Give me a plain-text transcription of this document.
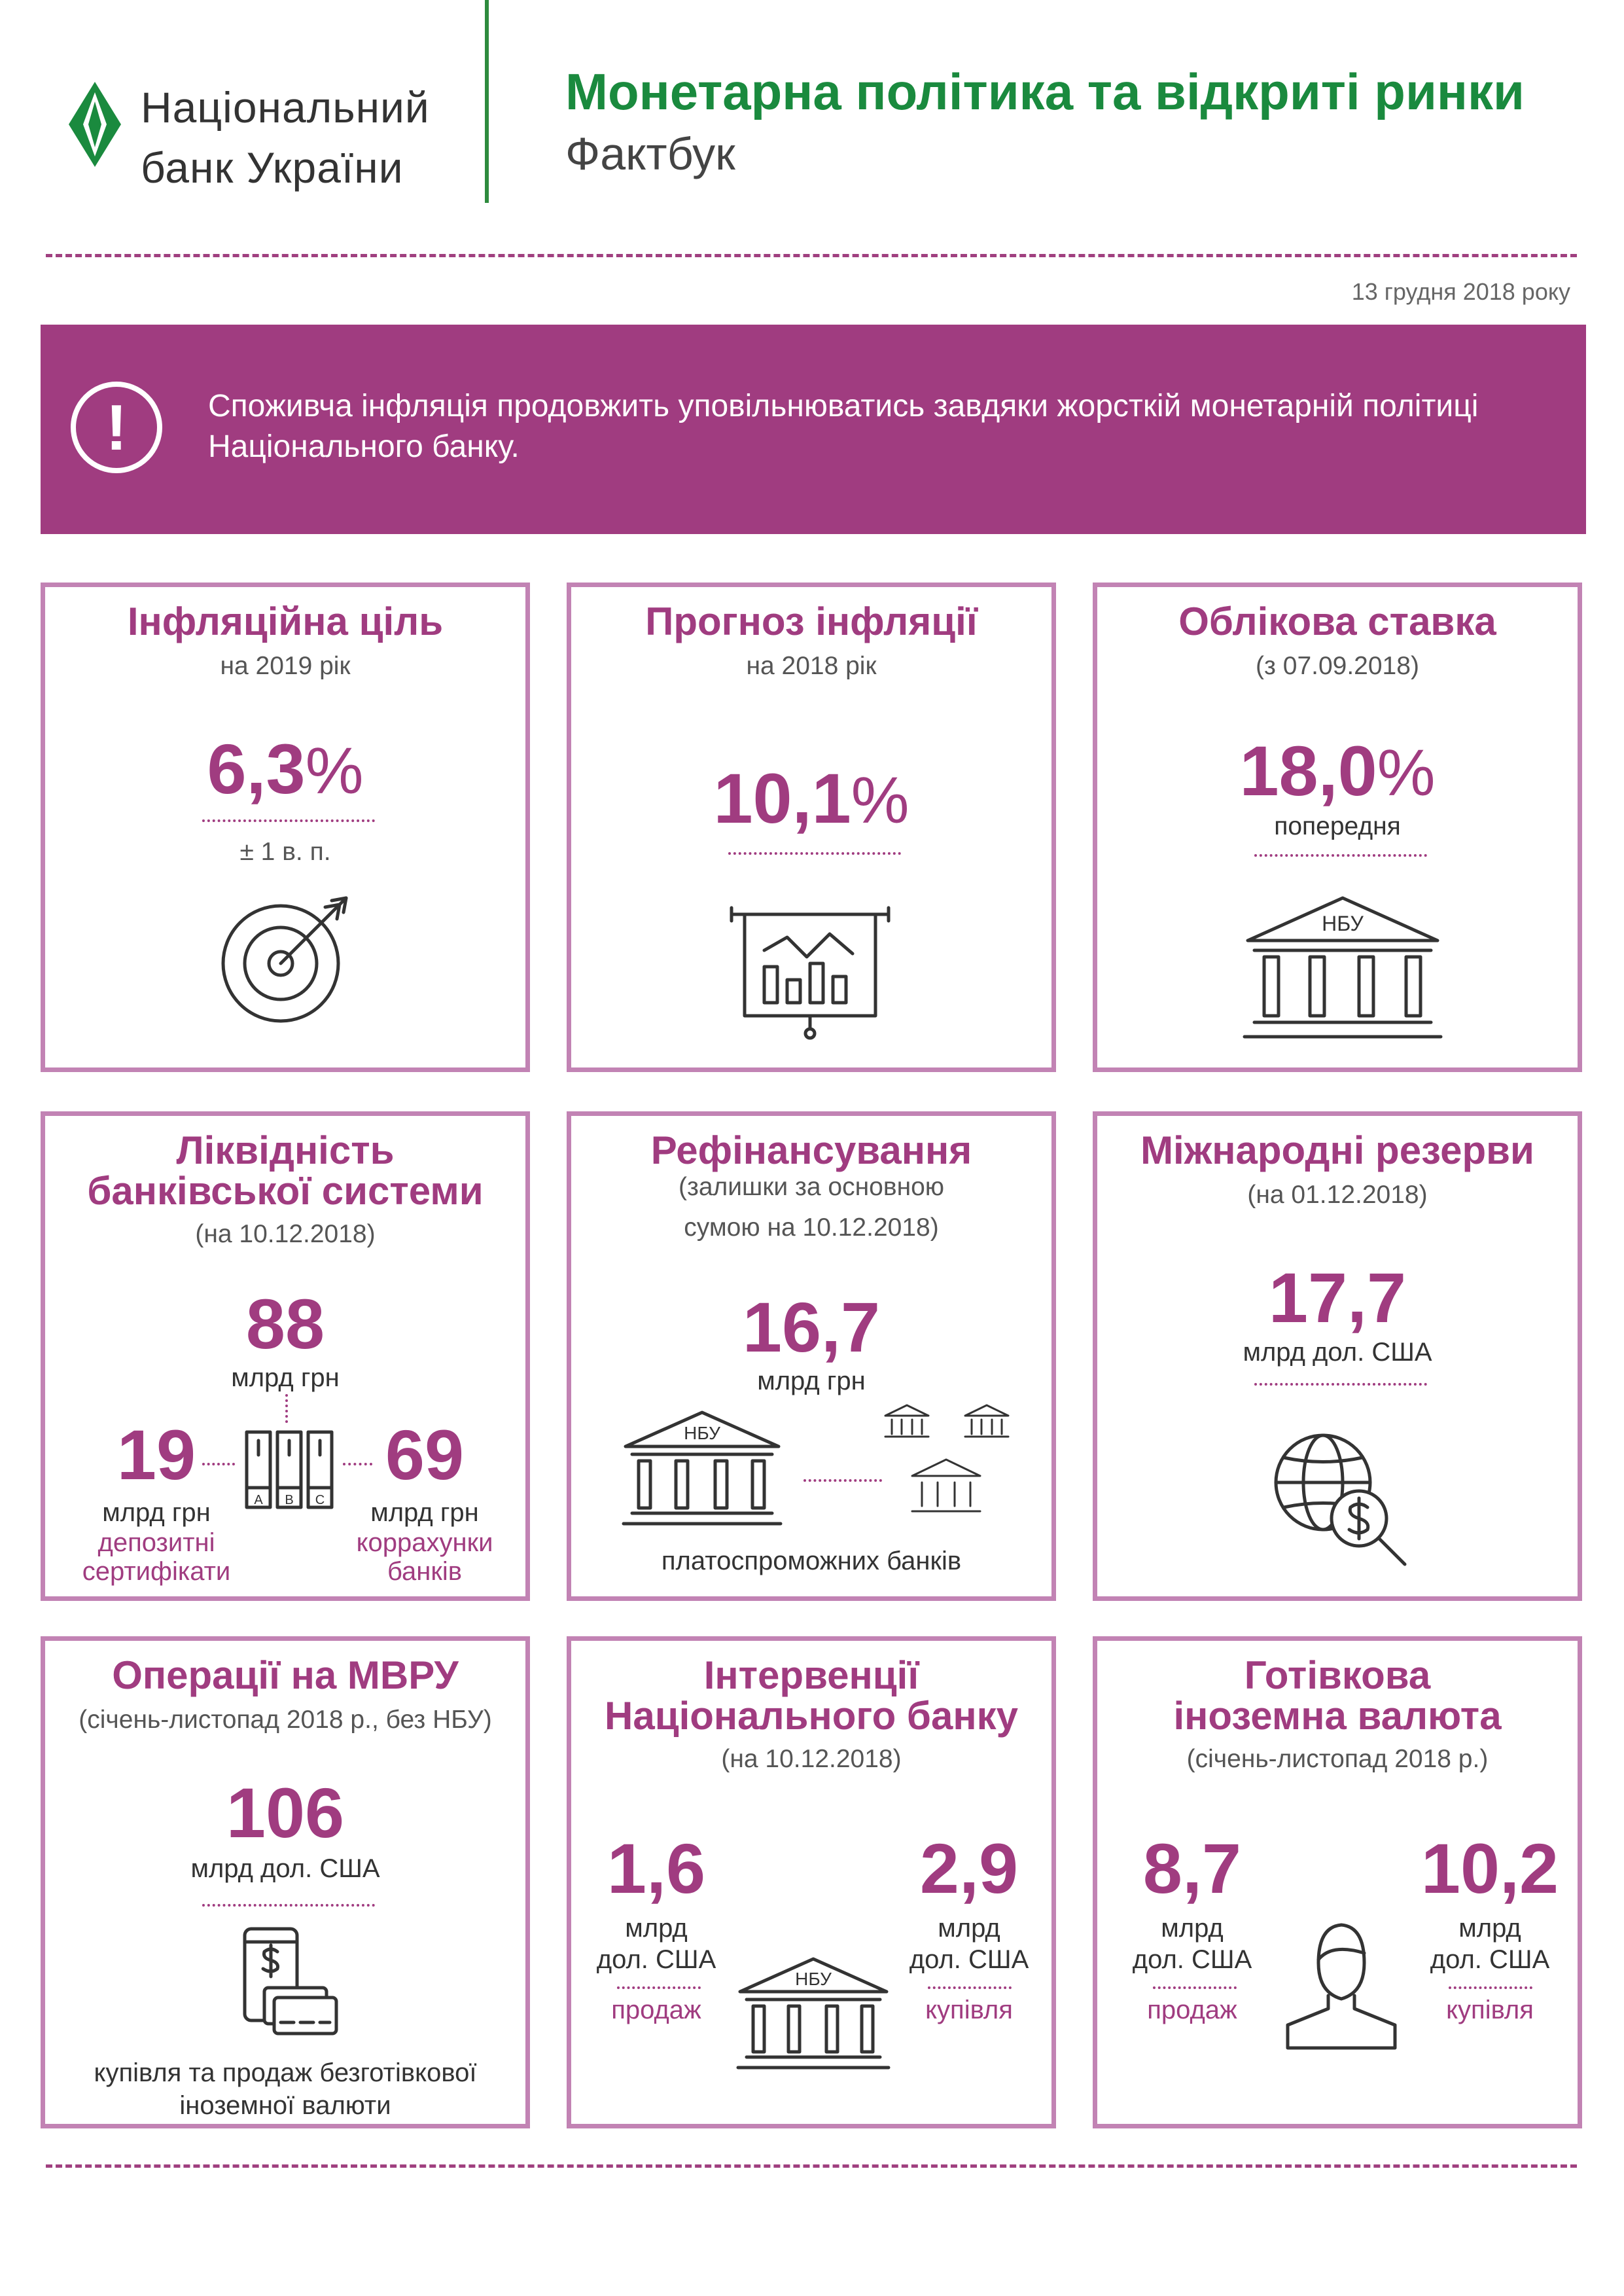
Національний
банк України
Монетарна політика та відкриті ринки
Фактбук
13 грудня 2018 року
!	Споживча інфляція продовжить уповільнюватись завдяки жорсткій монетарній політиці Національного банку.
Інфляційна ціль
на 2019 рік
6,3%
± 1 в. п.
Прогноз інфляції
на 2018 рік
10,1%
Облікова ставка
(з 07.09.2018)
18,0%
попередня
НБУ
Ліквідність
банківської системи
(на 10.12.2018)
88
млрд грн
19
млрд грн
депозитні
сертифікати
69
млрд грн
коррахунки
банків
A B C
Рефінансування
(залишки за основною
сумою на 10.12.2018)
16,7
млрд грн
НБУ
платоспроможних банків
Міжнародні резерви
(на 01.12.2018)
17,7
млрд дол. США
Операції на МВРУ
(січень-листопад 2018 р., без НБУ)
106
млрд дол. США
купівля та продаж безготівкової
іноземної валюти
Інтервенції
Національного банку
(на 10.12.2018)
1,6
млрд
дол. США
продаж
2,9
млрд
дол. США
купівля
НБУ
Готівкова
іноземна валюта
(січень-листопад 2018 р.)
8,7
млрд
дол. США
продаж
10,2
млрд
дол. США
купівля
